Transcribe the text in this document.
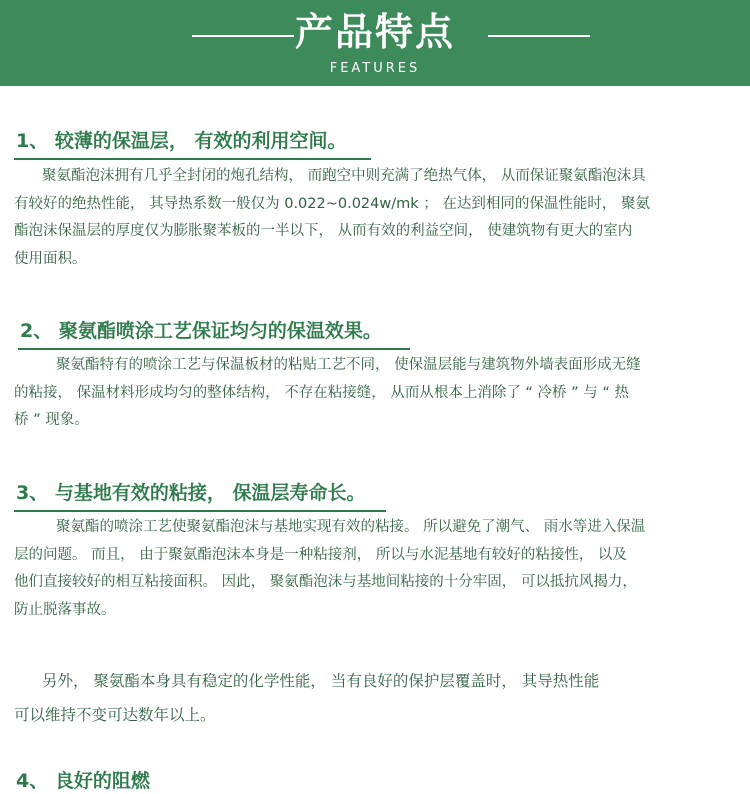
产品特点
FEATURES
1、 较薄的保温层， 有效的利用空间。
聚氨酯泡沫拥有几乎全封闭的炮孔结构， 而跑空中则充满了绝热气体， 从而保证聚氨酯泡沫具
有较好的绝热性能， 其导热系数一般仅为 0.022~0.024w/mk ； 在达到相同的保温性能时， 聚氨
酯泡沫保温层的厚度仅为膨胀聚苯板的一半以下， 从而有效的利益空间， 使建筑物有更大的室内
使用面积。
2、 聚氨酯喷涂工艺保证均匀的保温效果。
聚氨酯特有的喷涂工艺与保温板材的粘贴工艺不同， 使保温层能与建筑物外墙表面形成无缝
的粘接， 保温材料形成均匀的整体结构， 不存在粘接缝， 从而从根本上消除了 “ 冷桥 ” 与 “ 热
桥 ” 现象。
3、 与基地有效的粘接， 保温层寿命长。
聚氨酯的喷涂工艺使聚氨酯泡沫与基地实现有效的粘接。 所以避免了潮气、 雨水等进入保温
层的问题。 而且， 由于聚氨酯泡沫本身是一种粘接剂， 所以与水泥基地有较好的粘接性， 以及
他们直接较好的相互粘接面积。 因此， 聚氨酯泡沫与基地间粘接的十分牢固， 可以抵抗风揭力，
防止脱落事故。
另外， 聚氨酯本身具有稳定的化学性能， 当有良好的保护层覆盖时， 其导热性能
可以维持不变可达数年以上。
4、 良好的阻燃
